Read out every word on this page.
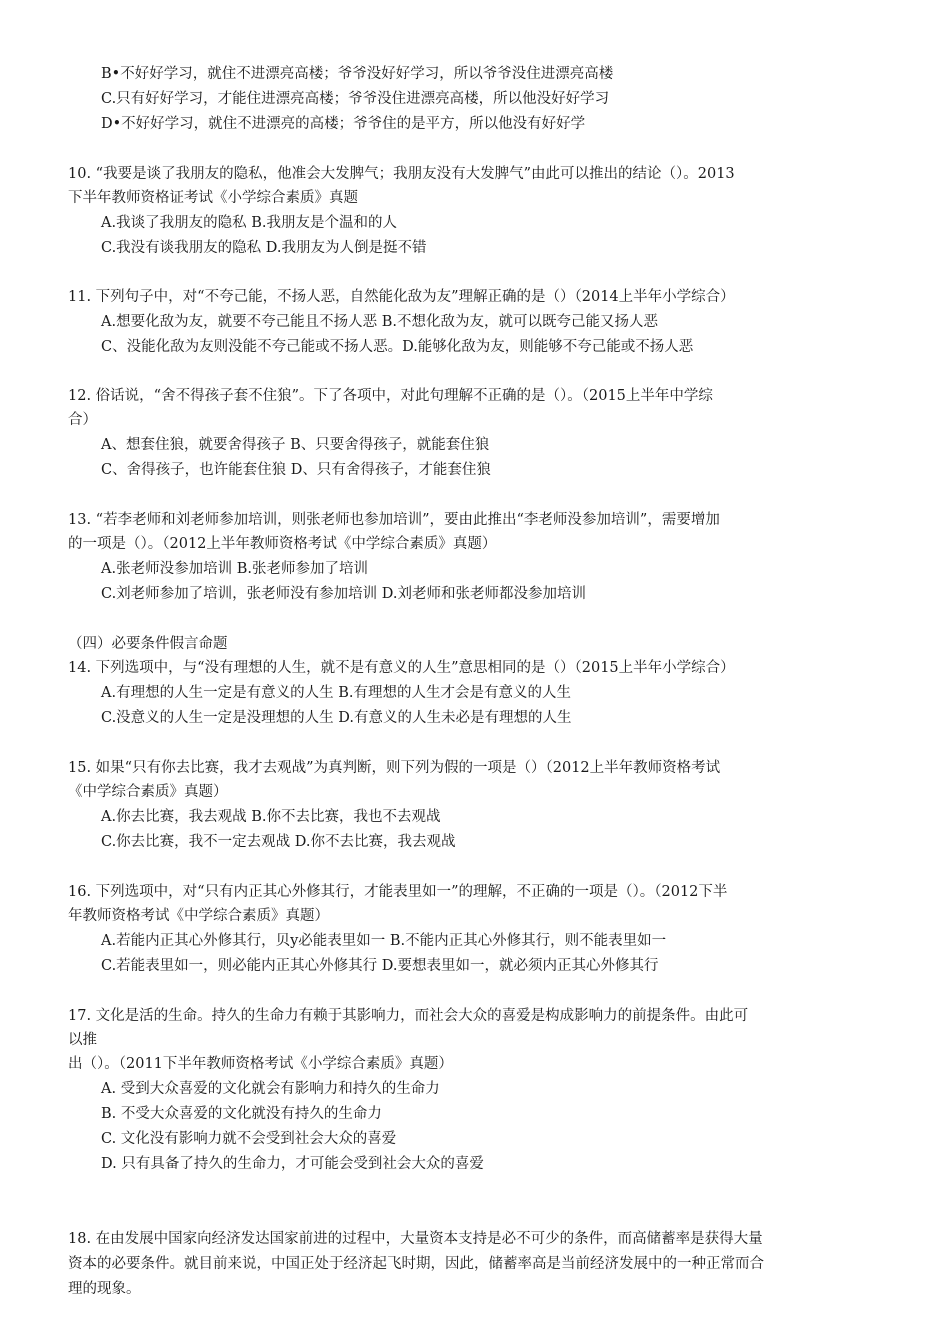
B•不好好学习，就住不进漂亮高楼；爷爷没好好学习，所以爷爷没住进漂亮高楼
C.只有好好学习，才能住进漂亮高楼；爷爷没住进漂亮高楼，所以他没好好学习
D•不好好学习，就住不进漂亮的高楼；爷爷住的是平方，所以他没有好好学
10. “我要是谈了我朋友的隐私，他准会大发脾气；我朋友没有大发脾气”由此可以推出的结论（）。2013
下半年教师资格证考试《小学综合素质》真题
A.我谈了我朋友的隐私 B.我朋友是个温和的人
C.我没有谈我朋友的隐私 D.我朋友为人倒是挺不错
11. 下列句子中，对“不夸己能，不扬人恶，自然能化敌为友”理解正确的是（）（2014上半年小学综合）
A.想要化敌为友，就要不夸己能且不扬人恶 B.不想化敌为友，就可以既夸己能又扬人恶
C、没能化敌为友则没能不夸己能或不扬人恶。D.能够化敌为友，则能够不夸己能或不扬人恶
12. 俗话说，“舍不得孩子套不住狼”。下了各项中，对此句理解不正确的是（）。（2015上半年中学综
合）
A、想套住狼，就要舍得孩子 B、只要舍得孩子，就能套住狼
C、舍得孩子，也许能套住狼 D、只有舍得孩子，才能套住狼
13. “若李老师和刘老师参加培训，则张老师也参加培训”，要由此推出“李老师没参加培训”，需要增加
的一项是（）。（2012上半年教师资格考试《中学综合素质》真题）
A.张老师没参加培训 B.张老师参加了培训
C.刘老师参加了培训，张老师没有参加培训 D.刘老师和张老师都没参加培训
（四）必要条件假言命题
14. 下列选项中，与“没有理想的人生，就不是有意义的人生”意思相同的是（）（2015上半年小学综合）
A.有理想的人生一定是有意义的人生 B.有理想的人生才会是有意义的人生
C.没意义的人生一定是没理想的人生 D.有意义的人生未必是有理想的人生
15. 如果“只有你去比赛，我才去观战”为真判断，则下列为假的一项是（）（2012上半年教师资格考试
《中学综合素质》真题）
A.你去比赛，我去观战 B.你不去比赛，我也不去观战
C.你去比赛，我不一定去观战 D.你不去比赛，我去观战
16. 下列选项中，对“只有内正其心外修其行，才能表里如一”的理解，不正确的一项是（）。（2012下半
年教师资格考试《中学综合素质》真题）
A.若能内正其心外修其行，贝y必能表里如一 B.不能内正其心外修其行，则不能表里如一
C.若能表里如一，则必能内正其心外修其行 D.要想表里如一，就必须内正其心外修其行
17. 文化是活的生命。持久的生命力有赖于其影响力，而社会大众的喜爱是构成影响力的前提条件。由此可
以推
出（）。（2011下半年教师资格考试《小学综合素质》真题）
A. 受到大众喜爱的文化就会有影响力和持久的生命力
B. 不受大众喜爱的文化就没有持久的生命力
C. 文化没有影响力就不会受到社会大众的喜爱
D. 只有具备了持久的生命力，才可能会受到社会大众的喜爱
18. 在由发展中国家向经济发达国家前进的过程中，大量资本支持是必不可少的条件，而高储蓄率是获得大量
资本的必要条件。就目前来说，中国正处于经济起飞时期，因此，储蓄率高是当前经济发展中的一种正常而合
理的现象。
